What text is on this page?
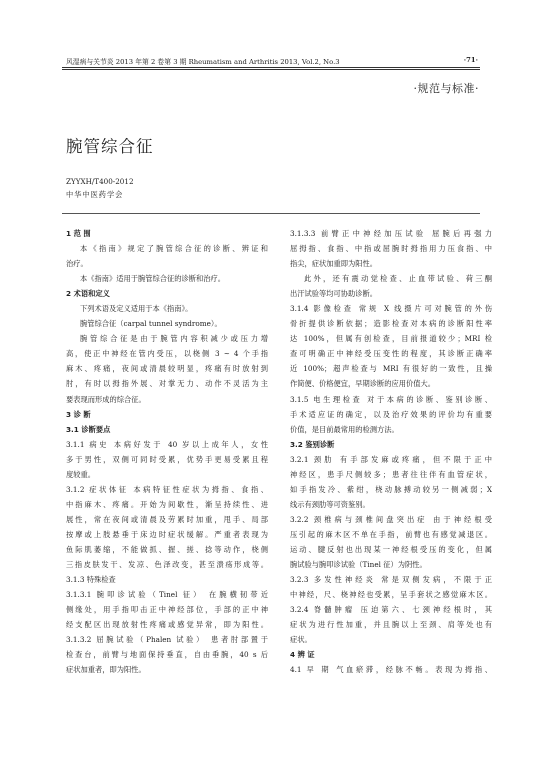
风湿病与关节炎 2013 年第 2 卷第 3 期 Rheumatism and Arthritis 2013, Vol.2, No.3	·71·
·规范与标准·
腕管综合征
ZYYXH/T400-2012
中华中医药学会
1 范 围
本《指南》规定了腕管综合征的诊断、辨证和
治疗。
本《指南》适用于腕管综合征的诊断和治疗。
2 术语和定义
下列术语及定义适用于本《指南》。
腕管综合征（carpal tunnel syndrome）。
腕管综合征是由于腕管内容积减少或压力增
高，使正中神经在管内受压，以桡侧 3 ~ 4 个手指
麻木、疼痛，夜间或清晨较明显，疼痛有时放射到
肘，有时以拇指外展、对掌无力、动作不灵活为主
要表现而形成的综合征。
3 诊 断
3.1 诊断要点
3.1.1 病史 本病好发于 40 岁以上成年人，女性
多于男性，双侧可同时受累，优势手更易受累且程
度较重。
3.1.2 症状体征 本病特征性症状为拇指、食指、
中指麻木、疼痛。开始为间歇性，渐呈持续性、进
展性，常在夜间或清晨及劳累时加重，甩手、局部
按摩或上肢悬垂于床边时症状缓解。严重者表现为
鱼际肌萎缩，不能做抓、握、搓、捻等动作，桡侧
三指皮肤发干、发凉、色泽改变，甚至溃疡形成等。
3.1.3 特殊检查
3.1.3.1 腕叩诊试验（Tinel 征） 在腕横韧带近
侧缘处，用手指叩击正中神经部位，手部的正中神
经支配区出现放射性疼痛或感觉异常，即为阳性。
3.1.3.2 屈腕试验（Phalen 试验） 患者肘部置于
检查台，前臂与地面保持垂直，自由垂腕，40 s 后
症状加重者，即为阳性。
3.1.3.3 前臂正中神经加压试验 屈腕后再强力
屈拇指、食指、中指或屈腕时拇指用力压食指、中
指尖，症状加重即为阳性。
此外，还有震动觉检查、止血带试验、荷三酮
出汗试验等均可协助诊断。
3.1.4 影像检查 常规 X 线摄片可对腕管的外伤
骨折提供诊断依据；造影检查对本病的诊断阳性率
达 100%，但属有创检查，目前报道较少；MRI 检
查可明确正中神经受压变性的程度，其诊断正确率
近 100%；超声检查与 MRI 有很好的一致性，且操
作简便、价格便宜，早期诊断的应用价值大。
3.1.5 电生理检查 对于本病的诊断、鉴别诊断、
手术适应证的确定，以及治疗效果的评价均有重要
价值，是目前最常用的检测方法。
3.2 鉴别诊断
3.2.1 颈肋 有手部发麻或疼痛，但不限于正中
神经区，患手尺侧较多；患者往往伴有血管症状，
如手指发冷、紫绀，桡动脉搏动较另一侧减弱；X
线示有颈肋等可资鉴别。
3.2.2 颈椎病与颈椎间盘突出症 由于神经根受
压引起的麻木区不单在手指，前臂也有感觉减退区。
运动、腱反射也出现某一神经根受压的变化，但属
腕试验与腕叩诊试验（Tinel 征）为阴性。
3.2.3 多发性神经炎 常是双侧发病，不限于正
中神经，尺、桡神经也受累，呈手套状之感觉麻木区。
3.2.4 脊髓肿瘤 压迫第六、七颈神经根时，其
症状为进行性加重，并且腕以上至颈、肩等处也有
症状。
4 辨 证
4.1 早 期 气血瘀滞，经脉不畅。表现为拇指、
